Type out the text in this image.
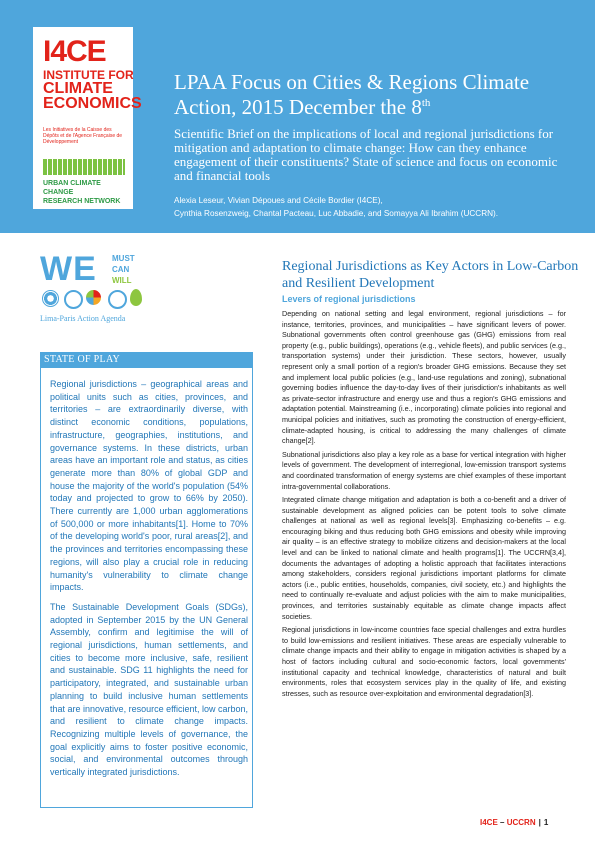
I4CE
INSTITUTE FOR
CLIMATE
ECONOMICS
Les Initiatives de la Caisse des Dépôts et de l'Agence Française de Développement
URBAN CLIMATE CHANGE
RESEARCH NETWORK
LPAA Focus on Cities & Regions Climate Action, 2015 December the 8th
Scientific Brief on the implications of local and regional jurisdictions for mitigation and adaptation to climate change: How can they enhance engagement of their constituents? State of science and focus on economic and financial tools
Alexia Leseur, Vivian Dépoues and Cécile Bordier (I4CE),
Cynthia Rosenzweig, Chantal Pacteau, Luc Abbadie, and Somayya Ali Ibrahim (UCCRN).
WE MUST
CAN
WILL
Lima-Paris Action Agenda
STATE OF PLAY

Regional jurisdictions – geographical areas and political units such as cities, provinces, and territories – are extraordinarily diverse, with distinct economic conditions, populations, infrastructure, geographies, institutions, and governance systems. In these districts, urban areas have an important role and status, as cities generate more than 80% of global GDP and house the majority of the world's population (54% today and projected to grow to 66% by 2050). There currently are 1,000 urban agglomerations of 500,000 or more inhabitants[1]. Home to 70% of the developing world's poor, rural areas[2], and the provinces and territories encompassing these regions, will also play a crucial role in reducing humanity's vulnerability to climate change impacts.

The Sustainable Development Goals (SDGs), adopted in September 2015 by the UN General Assembly, confirm and legitimise the will of regional jurisdictions, human settlements, and cities to become more inclusive, safe, resilient and sustainable. SDG 11 highlights the need for participatory, integrated, and sustainable urban planning to build inclusive human settlements that are innovative, resource efficient, low carbon, and resilient to climate change impacts. Recognizing multiple levels of governance, the goal explicitly aims to foster positive economic, social, and environmental outcomes through vertically integrated jurisdictions.

Regional Jurisdictions as Key Actors in Low-Carbon and Resilient Development
Levers of regional jurisdictions

Depending on national setting and legal environment, regional jurisdictions – for instance, territories, provinces, and municipalities – have significant levers of power. Subnational governments often control greenhouse gas (GHG) emissions from real property (e.g., public buildings), operations (e.g., vehicle fleets), and public services (e.g., transportation systems) under their jurisdiction. These sectors, however, usually represent only a small portion of a region's broader GHG emissions. Because they set and implement local public policies (e.g., land-use regulations and zoning), subnational governing bodies influence the day-to-day lives of their jurisdiction's inhabitants as well as private-sector infrastructure and energy use and thus a region's GHG emissions and adaptation potential. Mainstreaming (i.e., incorporating) climate policies into regional and municipal policies and initiatives, such as promoting the construction of energy-efficient, climate-adapted housing, is critical to addressing the many challenges of climate change[2].

Subnational jurisdictions also play a key role as a base for vertical integration with higher levels of government. The development of interregional, low-emission transport systems and coordinated transformation of energy systems are chief examples of these important intra-governmental collaborations.

Integrated climate change mitigation and adaptation is both a co-benefit and a driver of sustainable development as aligned policies can be potent tools to solve climate challenges at national as well as regional levels[3]. Emphasizing co-benefits – e.g. encouraging biking and thus reducing both GHG emissions and obesity while improving air quality – is an effective strategy to mobilize citizens and decision-makers at the local level and can be linked to national climate and health programs[1]. The UCCRN[3,4], documents the advantages of adopting a holistic approach that facilitates interactions among stakeholders, considers regional jurisdictions important platforms for climate actors (i.e., public entities, households, companies, civil society, etc.) and highlights the need to continually re-evaluate and adjust policies with the aim to make municipalities, provinces, and territories sustainably equitable as climate change impacts affect societies.

Regional jurisdictions in low-income countries face special challenges and extra hurdles to build low-emissions and resilient initiatives. These areas are especially vulnerable to climate change impacts and their ability to engage in mitigation activities is shaped by a host of factors including cultural and socio-economic factors, local governments' institutional capacity and technical knowledge, characteristics of natural and built environments, roles that ecosystem services play in the quality of life, and existing stresses, such as resource over-exploitation and environmental degradation[3].

I4CE – UCCRN | 1
